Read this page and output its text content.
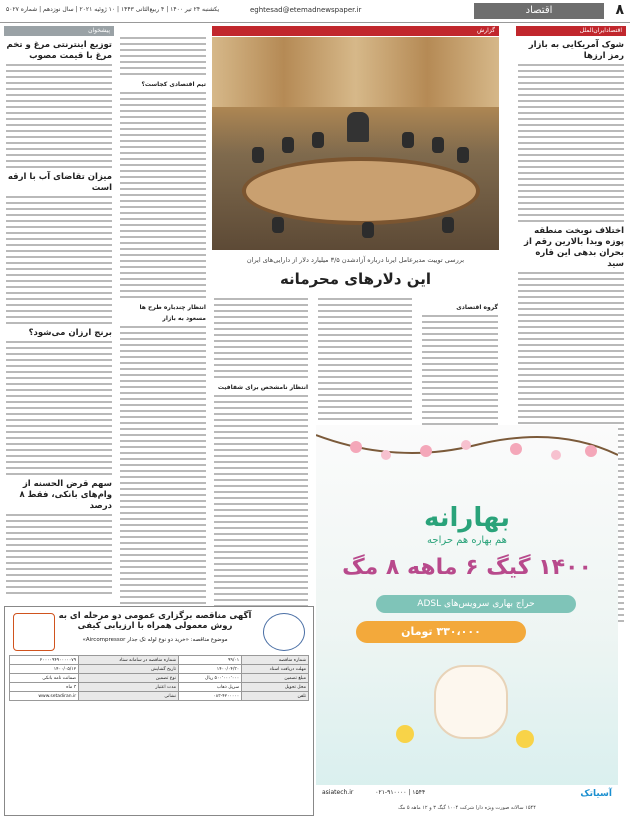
۸
اقتصاد
eghtesad@etemadnewspaper.ir
یکشنبه ۲۴ تیر ۱۴۰۰ | ۴ ربیع‌الثانی ۱۴۴۳ | ۱۰ ژوئیه ۲۰۲۱ | سال نوزدهم | شماره ۵۰۲۷
اقتصاد‌ایران‌الملل
شوک آمریکایی به بازار رمز ارزها
اختلاف نوبخت منطقه پوزه ویدا بالارین رقم از بحران بدهی این قاره سید
گزارش
بررسی توییت مدیرعامل ایرنا درباره آزادشدن ۳/۵ میلیارد دلار از دارایی‌های ایران
این دلارهای محرمانه
گروه اقتصادی
انتظار نامشخص برای شفافیت
تیم اقتصادی کجاست؟
انتظار چندباره طرح ها مسعود به بازار
پیشخوان
توزیع اینترنتی مرغ و تخم مرغ با قیمت مصوب
میزان تقاضای آب با ارقه است
برنج ارزان می‌شود؟
سهم قرض الحسنه از وام‌های بانکی، فقط ۸ درصد	بهارانه
هم بهاره هم حراجه
۱۴۰۰ گیگ ۶ ماهه ۸ مگ
حراج بهاری سرویس‌های ADSL
۳۳۰،۰۰۰ تومان
asiatech.ir	۰۲۱-۹۱۰۰۰۰ | ۱۵۴۴	آسیاتک
آگهی مناقصه برگزاری عمومی دو مرحله ای به روش معمولی همراه با ارزیابی کیفی
موضوع مناقصه: «خرید دو نوع لوله تک جدار Aircompressor»
شماره مناقصه	۹۹/۰۱	شماره مناقصه در سامانه ستاد	۲۰۰۰۰۹۴۹۰۰۰۰۰۷۹
مهلت دریافت اسناد	۱۴۰۰/۰۴/۳۰	تاریخ گشایش	۱۴۰۰/۰۵/۱۲
مبلغ تضمین	۵۰۰٬۰۰۰٬۰۰۰ ریال	نوع تضمین	ضمانت نامه بانکی
محل تحویل	سرپل ذهاب	مدت اعتبار	۳ ماه
تلفن	۰۸۳-۴۲۰۰۰۰۰	نشانی	www.setadiran.ir
۱۵۴۴ سالانه صورت ویژه دارا شرکت ۱۰۰۴ گیگ ۳ و ۱۲ ماهه ۵ مگ
